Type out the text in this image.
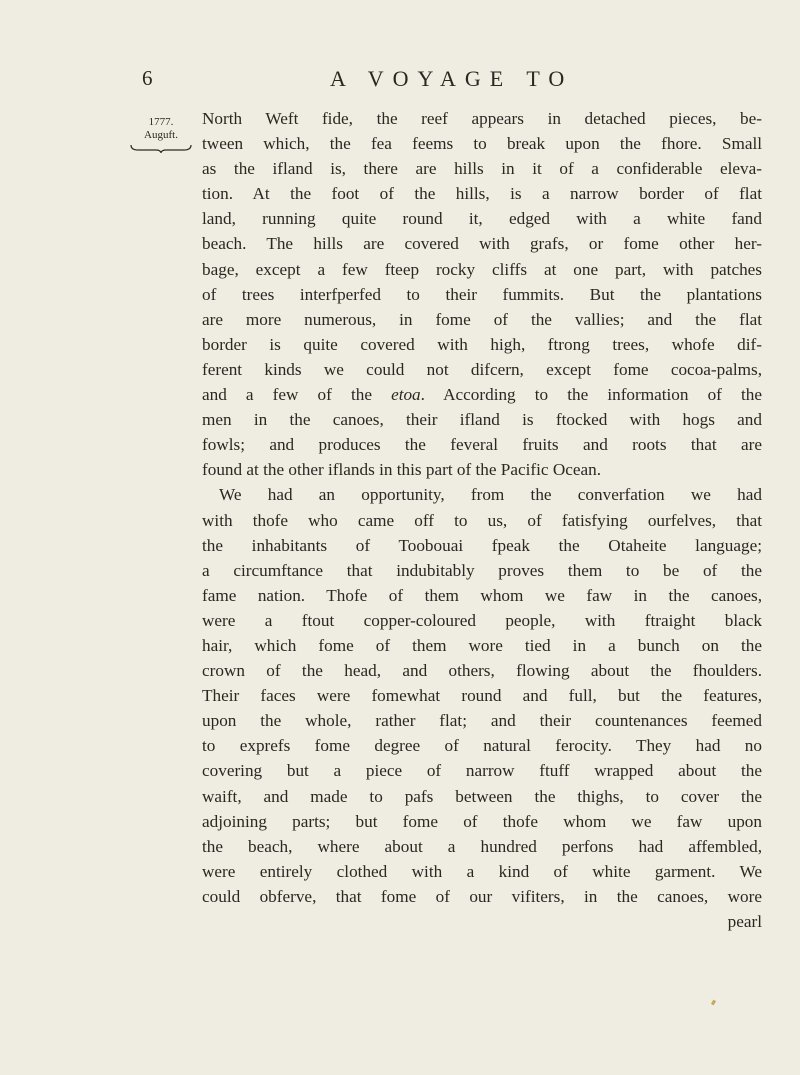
6	A VOYAGE TO
1777.
Auguft.
North Weft fide, the reef appears in detached pieces, be-
tween which, the fea feems to break upon the fhore. Small
as the ifland is, there are hills in it of a confiderable eleva-
tion. At the foot of the hills, is a narrow border of flat
land, running quite round it, edged with a white fand
beach. The hills are covered with grafs, or fome other her-
bage, except a few fteep rocky cliffs at one part, with patches
of trees interfperfed to their fummits. But the plantations
are more numerous, in fome of the vallies; and the flat
border is quite covered with high, ftrong trees, whofe dif-
ferent kinds we could not difcern, except fome cocoa-palms,
and a few of the etoa. According to the information of the
men in the canoes, their ifland is ftocked with hogs and
fowls; and produces the feveral fruits and roots that are
found at the other iflands in this part of the Pacific Ocean.
We had an opportunity, from the converfation we had
with thofe who came off to us, of fatisfying ourfelves, that
the inhabitants of Toobouai fpeak the Otaheite language;
a circumftance that indubitably proves them to be of the
fame nation. Thofe of them whom we faw in the canoes,
were a ftout copper-coloured people, with ftraight black
hair, which fome of them wore tied in a bunch on the
crown of the head, and others, flowing about the fhoulders.
Their faces were fomewhat round and full, but the features,
upon the whole, rather flat; and their countenances feemed
to exprefs fome degree of natural ferocity. They had no
covering but a piece of narrow ftuff wrapped about the
waift, and made to pafs between the thighs, to cover the
adjoining parts; but fome of thofe whom we faw upon
the beach, where about a hundred perfons had affembled,
were entirely clothed with a kind of white garment. We
could obferve, that fome of our vifiters, in the canoes, wore
pearl
